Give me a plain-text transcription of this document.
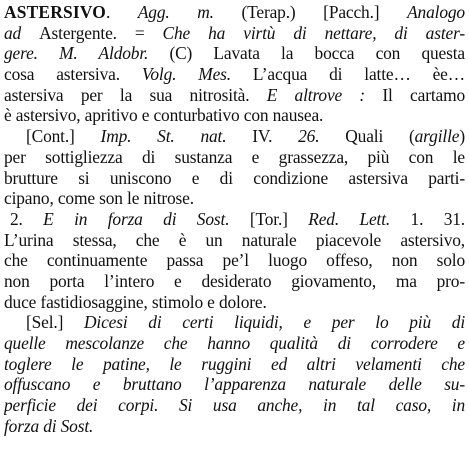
ASTERSIVO. Agg. m. (Terap.) [Pacch.] Analogo
ad Astergente. = Che ha virtù di nettare, di aster-
gere. M. Aldobr. (C) Lavata la bocca con questa
cosa astersiva. Volg. Mes. L’acqua di latte… èe…
astersiva per la sua nitrosità. E altrove : Il cartamo
è astersivo, apritivo e conturbativo con nausea.
[Cont.] Imp. St. nat. IV. 26. Quali (argille)
per sottigliezza di sustanza e grassezza, più con le
brutture si uniscono e di condizione astersiva parti-
cipano, come son le nitrose.
2. E in forza di Sost. [Tor.] Red. Lett. 1. 31.
L’urina stessa, che è un naturale piacevole astersivo,
che continuamente passa pe’l luogo offeso, non solo
non porta l’intero e desiderato giovamento, ma pro-
duce fastidiosaggine, stimolo e dolore.
[Sel.] Dicesi di certi liquidi, e per lo più di
quelle mescolanze che hanno qualità di corrodere e
toglere le patine, le ruggini ed altri velamenti che
offuscano e bruttano l’apparenza naturale delle su-
perficie dei corpi. Si usa anche, in tal caso, in
forza di Sost.
